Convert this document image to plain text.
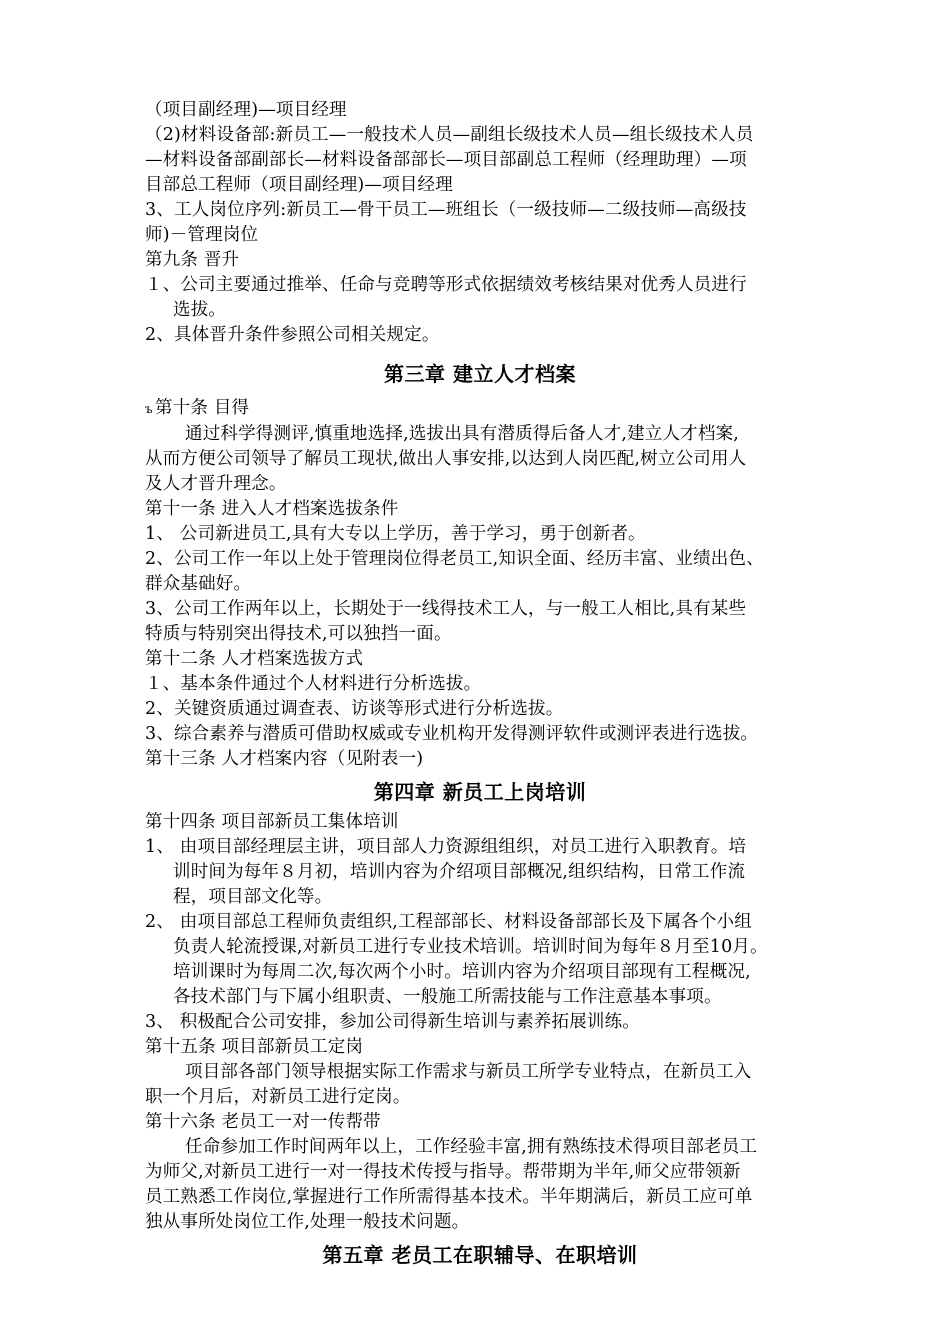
（项目副经理)—项目经理
（2)材料设备部:新员工—一般技术人员—副组长级技术人员—组长级技术人员
—材料设备部副部长—材料设备部部长—项目部副总工程师（经理助理）—项
目部总工程师（项目副经理)—项目经理
3、工人岗位序列:新员工—骨干员工—班组长（一级技师—二级技师—高级技
师)－管理岗位
第九条 晋升
１、公司主要通过推举、任命与竞聘等形式依据绩效考核结果对优秀人员进行
选拔。
2、具体晋升条件参照公司相关规定。
第三章 建立人才档案
ъ 第十条 目得
通过科学得测评,慎重地选择,选拔出具有潜质得后备人才,建立人才档案,
从而方便公司领导了解员工现状,做出人事安排,以达到人岗匹配,树立公司用人
及人才晋升理念。
第十一条 进入人才档案选拔条件
1、 公司新进员工,具有大专以上学历，善于学习，勇于创新者。
2、公司工作一年以上处于管理岗位得老员工,知识全面、经历丰富、业绩出色、
群众基础好。
3、公司工作两年以上，长期处于一线得技术工人，与一般工人相比,具有某些
特质与特别突出得技术,可以独挡一面。
第十二条 人才档案选拔方式
１、基本条件通过个人材料进行分析选拔。
2、关键资质通过调查表、访谈等形式进行分析选拔。
3、综合素养与潜质可借助权威或专业机构开发得测评软件或测评表进行选拔。
第十三条 人才档案内容（见附表一)
第四章 新员工上岗培训
第十四条 项目部新员工集体培训
1、 由项目部经理层主讲，项目部人力资源组组织，对员工进行入职教育。培
训时间为每年８月初，培训内容为介绍项目部概况,组织结构，日常工作流
程，项目部文化等。
2、 由项目部总工程师负责组织,工程部部长、材料设备部部长及下属各个小组
负责人轮流授课,对新员工进行专业技术培训。培训时间为每年８月至10月。
培训课时为每周二次,每次两个小时。培训内容为介绍项目部现有工程概况,
各技术部门与下属小组职责、一般施工所需技能与工作注意基本事项。
3、 积极配合公司安排，参加公司得新生培训与素养拓展训练。
第十五条 项目部新员工定岗
项目部各部门领导根据实际工作需求与新员工所学专业特点，在新员工入
职一个月后，对新员工进行定岗。
第十六条 老员工一对一传帮带
任命参加工作时间两年以上，工作经验丰富,拥有熟练技术得项目部老员工
为师父,对新员工进行一对一得技术传授与指导。帮带期为半年,师父应带领新
员工熟悉工作岗位,掌握进行工作所需得基本技术。半年期满后，新员工应可单
独从事所处岗位工作,处理一般技术问题。
第五章 老员工在职辅导、在职培训
